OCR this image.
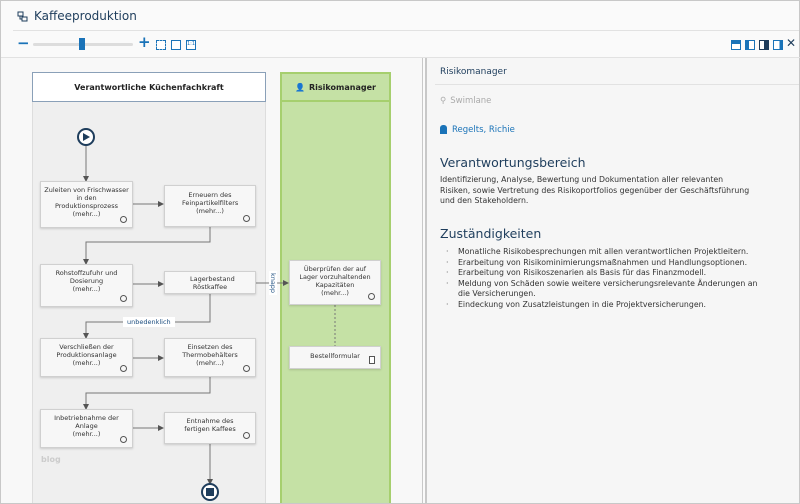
Kaffeeproduktion
−	+	1:1	✕
Verantwortliche Küchenfachkraft	👤 Risikomanager
Zuleiten von Frischwasser in den Produktionsprozess
(mehr...)
Erneuern des Feinpartikelfilters
(mehr...)
Rohstoffzufuhr und Dosierung
(mehr...)
Lagerbestand Röstkaffee
Überprüfen der auf Lager vorzuhaltenden Kapazitäten
(mehr...)
Bestellformular
Verschließen der Produktionsanlage
(mehr...)
Einsetzen des Thermobehälters
(mehr...)
Inbetriebnahme der Anlage
(mehr...)
Entnahme des fertigen Kaffees
unbedenklich
knapp
blog
Risikomanager
⚲ Swimlane
Regelts, Richie
Verantwortungsbereich
Identifizierung, Analyse, Bewertung und Dokumentation aller relevanten Risiken, sowie Vertretung des Risikoportfolios gegenüber der Geschäftsführung und den Stakeholdern.
Zuständigkeiten
· Monatliche Risikobesprechungen mit allen verantwortlichen Projektleitern.
· Erarbeitung von Risikominimierungsmaßnahmen und Handlungsoptionen.
· Erarbeitung von Risikoszenarien als Basis für das Finanzmodell.
· Meldung von Schäden sowie weitere versicherungsrelevante Änderungen an die Versicherungen.
· Eindeckung von Zusatzleistungen in die Projektversicherungen.
